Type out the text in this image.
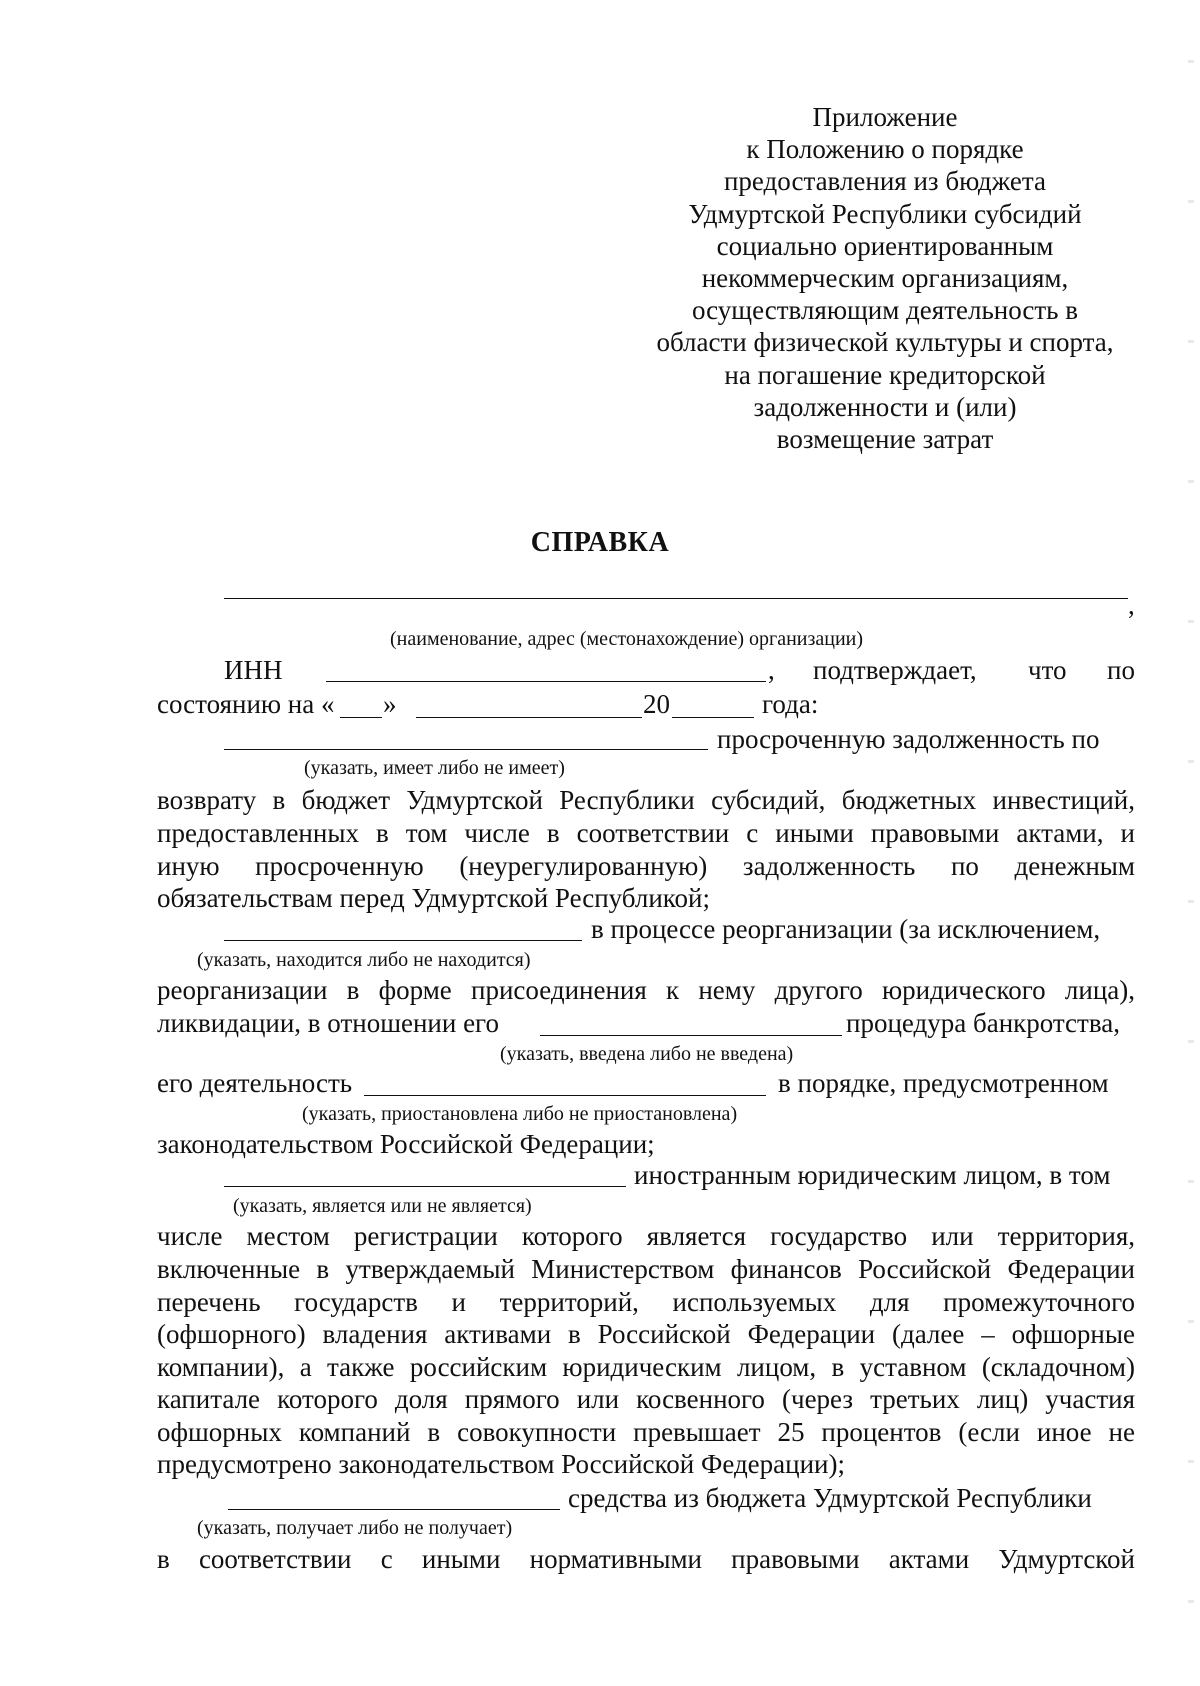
Приложение
к Положению о порядке
предоставления из бюджета
Удмуртской Республики субсидий
социально ориентированным
некоммерческим организациям,
осуществляющим деятельность в
области физической культуры и спорта,
на погашение кредиторской
задолженности и (или)
возмещение затрат
СПРАВКА
,
(наименование, адрес (местонахождение) организации)
ИНН	, подтверждает, что по
состоянию на « »	20	года:
просроченную задолженность по
(указать, имеет либо не имеет)
возврату в бюджет Удмуртской Республики субсидий, бюджетных инвестиций,
предоставленных в том числе в соответствии с иными правовыми актами, и
иную просроченную (неурегулированную) задолженность по денежным
обязательствам перед Удмуртской Республикой;
в процессе реорганизации (за исключением,
(указать, находится либо не находится)
реорганизации в форме присоединения к нему другого юридического лица),
ликвидации, в отношении его	процедура банкротства,
(указать, введена либо не введена)
его деятельность	в порядке, предусмотренном
(указать, приостановлена либо не приостановлена)
законодательством Российской Федерации;
иностранным юридическим лицом, в том
(указать, является или не является)
числе местом регистрации которого является государство или территория,
включенные в утверждаемый Министерством финансов Российской Федерации
перечень государств и территорий, используемых для промежуточного
(офшорного) владения активами в Российской Федерации (далее – офшорные
компании), а также российским юридическим лицом, в уставном (складочном)
капитале которого доля прямого или косвенного (через третьих лиц) участия
офшорных компаний в совокупности превышает 25 процентов (если иное не
предусмотрено законодательством Российской Федерации);
средства из бюджета Удмуртской Республики
(указать, получает либо не получает)
в соответствии с иными нормативными правовыми актами Удмуртской
